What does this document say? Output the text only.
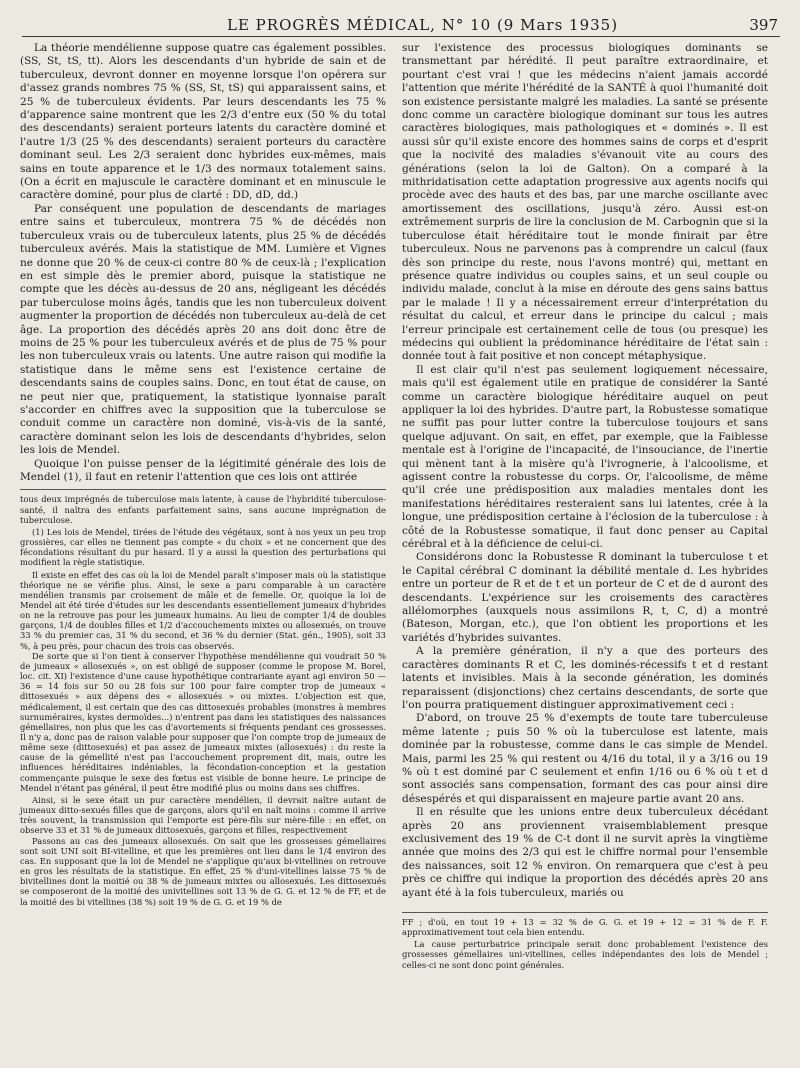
LE PROGRÈS MÉDICAL, N° 10 (9 Mars 1935)	397

La théorie mendélienne suppose quatre cas également possibles. (SS, St, tS, tt). Alors les descendants d'un hybride de sain et de tuberculeux, devront donner en moyenne lorsque l'on opérera sur d'assez grands nombres 75 % (SS, St, tS) qui apparaissent sains, et 25 % de tuberculeux évidents. Par leurs descendants les 75 % d'apparence saine montrent que les 2/3 d'entre eux (50 % du total des descendants) seraient porteurs latents du caractère dominé et l'autre 1/3 (25 % des descendants) seraient porteurs du caractère dominant seul. Les 2/3 seraient donc hybrides eux-mêmes, mais sains en toute apparence et le 1/3 des normaux totalement sains. (On a écrit en majuscule le caractère dominant et en minuscule le caractère dominé, pour plus de clarté : DD, dD, dd.)

Par conséquent une population de descendants de mariages entre sains et tuberculeux, montrera 75 % de décédés non tuberculeux vrais ou de tuberculeux latents, plus 25 % de décédés tuberculeux avérés. Mais la statistique de MM. Lumière et Vignes ne donne que 20 % de ceux-ci contre 80 % de ceux-là ; l'explication en est simple dès le premier abord, puisque la statistique ne compte que les décès au-dessus de 20 ans, négligeant les décédés par tuberculose moins âgés, tandis que les non tuberculeux doivent augmenter la proportion de décédés non tuberculeux au-delà de cet âge. La proportion des décédés après 20 ans doit donc être de moins de 25 % pour les tuberculeux avérés et de plus de 75 % pour les non tuberculeux vrais ou latents. Une autre raison qui modifie la statistique dans le même sens est l'existence certaine de descendants sains de couples sains. Donc, en tout état de cause, on ne peut nier que, pratiquement, la statistique lyonnaise paraît s'accorder en chiffres avec la supposition que la tuberculose se conduit comme un caractère non dominé, vis-à-vis de la santé, caractère dominant selon les lois de descendants d'hybrides, selon les lois de Mendel.

Quoique l'on puisse penser de la légitimité générale des lois de Mendel (1), il faut en retenir l'attention que ces lois ont attirée

tous deux imprégnés de tuberculose mais latente, à cause de l'hybridité tuberculose-santé, il naîtra des enfants parfaitement sains, sans aucune imprégnation de tuberculose.

(1) Les lois de Mendel, tirées de l'étude des végétaux, sont à nos yeux un peu trop grossières, car elles ne tiennent pas compte « du choix » et ne concernent que des fécondations résultant du pur hasard. Il y a aussi la question des perturbations qui modifient la règle statistique.

Il existe en effet des cas où la loi de Mendel paraît s'imposer mais où la statistique théorique ne se vérifie plus. Ainsi, le sexe a paru comparable à un caractère mendélien transmis par croisement de mâle et de femelle. Or, quoique la loi de Mendel ait été tirée d'études sur les descendants essentiellement jumeaux d'hybrides on ne la retrouve pas pour les jumeaux humains. Au lieu de compter 1/4 de doubles garçons, 1/4 de doubles filles et 1/2 d'accouchements mixtes ou allosexués, on trouve 33 % du premier cas, 31 % du second, et 36 % du dernier (Stat. gén., 1905), soit 33 %, à peu près, pour chacun des trois cas observés.

De sorte que si l'on tient à conserver l'hypothèse mendélienne qui voudrait 50 % de jumeaux « allosexués », on est obligé de supposer (comme le propose M. Borel, loc. cit. XI) l'existence d'une cause hypothétique contrariante ayant agi environ 50 — 36 = 14 fois sur 50 ou 28 fois sur 100 pour faire compter trop de jumeaux « dittosexués » aux dépens des « allosexués » ou mixtes. L'objection est que, médicalement, il est certain que des cas dittosexués probables (monstres à membres surnuméraires, kystes dermoïdes...) n'entrent pas dans les statistiques des naissances gémellaires, non plus que les cas d'avortements si fréquents pendant ces grossesses. Il n'y a, donc pas de raison valable pour supposer que l'on compte trop de jumeaux de même sexe (dittosexués) et pas assez de jumeaux mixtes (allosexués) : du reste la cause de la gémellité n'est pas l'accouchement proprement dit, mais, outre les influences héréditaires indéniables, la fécondation-conception et la gestation commençante puisque le sexe des fœtus est visible de bonne heure. Le principe de Mendel n'étant pas général, il peut être modifié plus ou moins dans ses chiffres.

Ainsi, si le sexe était un pur caractère mendélien, il devrait naître autant de jumeaux ditto-sexués filles que de garçons, alors qu'il en naît moins : comme il arrive très souvent, la transmission qui l'emporte est père-fils sur mère-fille : en effet, on observe 33 et 31 % de jumeaux dittosexués, garçons et filles, respectivement

Passons au cas des jumeaux allosexués. On sait que les grossesses gémellaires sont soit UNI soit BI-vitelline, et que les premières ont lieu dans le 1/4 environ des cas. En supposant que la loi de Mendel ne s'applique qu'aux bi-vitellines on retrouve en gros les résultats de la statistique. En effet, 25 % d'uni-vitellines laisse 75 % de bivitellines dont la moitié ou 38 % de jumeaux mixtes ou allosexués. Les dittosexués se composeront de la moitié des univitellines soit 13 % de G. G. et 12 % de FF, et de la moitié des bi vitellines (38 %) soit 19 % de G. G. et 19 % de

sur l'existence des processus biologiques dominants se transmettant par hérédité. Il peut paraître extraordinaire, et pourtant c'est vrai ! que les médecins n'aient jamais accordé l'attention que mérite l'hérédité de la SANTÉ à quoi l'humanité doit son existence persistante malgré les maladies. La santé se présente donc comme un caractère biologique dominant sur tous les autres caractères biologiques, mais pathologiques et « dominés ». Il est aussi sûr qu'il existe encore des hommes sains de corps et d'esprit que la nocivité des maladies s'évanouit vite au cours des générations (selon la loi de Galton). On a comparé à la mithridatisation cette adaptation progressive aux agents nocifs qui procède avec des hauts et des bas, par une marche oscillante avec amortissement des oscillations, jusqu'à zéro. Aussi est-on extrêmement surpris de lire la conclusion de M. Carbognin que si la tuberculose était héréditaire tout le monde finirait par être tuberculeux. Nous ne parvenons pas à comprendre un calcul (faux dès son principe du reste, nous l'avons montré) qui, mettant en présence quatre individus ou couples sains, et un seul couple ou individu malade, conclut à la mise en déroute des gens sains battus par le malade ! Il y a nécessairement erreur d'interprétation du résultat du calcul, et erreur dans le principe du calcul ; mais l'erreur principale est certainement celle de tous (ou presque) les médecins qui oublient la prédominance héréditaire de l'état sain : donnée tout à fait positive et non concept métaphysique.

Il est clair qu'il n'est pas seulement logiquement nécessaire, mais qu'il est également utile en pratique de considérer la Santé comme un caractère biologique héréditaire auquel on peut appliquer la loi des hybrides. D'autre part, la Robustesse somatique ne suffit pas pour lutter contre la tuberculose toujours et sans quelque adjuvant. On sait, en effet, par exemple, que la Faiblesse mentale est à l'origine de l'incapacité, de l'insouciance, de l'inertie qui mènent tant à la misère qu'à l'ivrognerie, à l'alcoolisme, et agissent contre la robustesse du corps. Or, l'alcoolisme, de même qu'il crée une prédisposition aux maladies mentales dont les manifestations héréditaires resteraient sans lui latentes, crée à la longue, une prédisposition certaine à l'éclosion de la tuberculose : à côté de la Robustesse somatique, il faut donc penser au Capital cérébral et à la déficience de celui-ci.

Considérons donc la Robustesse R dominant la tuberculose t et le Capital cérébral C dominant la débilité mentale d. Les hybrides entre un porteur de R et de t et un porteur de C et de d auront des descendants. L'expérience sur les croisements des caractères allélomorphes (auxquels nous assimilons R, t, C, d) a montré (Bateson, Morgan, etc.), que l'on obtient les proportions et les variétés d'hybrides suivantes.

A la première génération, il n'y a que des porteurs des caractères dominants R et C, les dominés-récessifs t et d restant latents et invisibles. Mais à la seconde génération, les dominés reparaissent (disjonctions) chez certains descendants, de sorte que l'on pourra pratiquement distinguer approximativement ceci :

D'abord, on trouve 25 % d'exempts de toute tare tuberculeuse même latente ; puis 50 % où la tuberculose est latente, mais dominée par la robustesse, comme dans le cas simple de Mendel. Mais, parmi les 25 % qui restent ou 4/16 du total, il y a 3/16 ou 19 % où t est dominé par C seulement et enfin 1/16 ou 6 % où t et d sont associés sans compensation, formant des cas pour ainsi dire désespérés et qui disparaissent en majeure partie avant 20 ans.

Il en résulte que les unions entre deux tuberculeux décédant après 20 ans proviennent vraisemblablement presque exclusivement des 19 % de C-t dont il ne survit après la vingtième année que moins des 2/3 qui est le chiffre normal pour l'ensemble des naissances, soit 12 % environ. On remarquera que c'est à peu près ce chiffre qui indique la proportion des décédés après 20 ans ayant été à la fois tuberculeux, mariés ou

FF ; d'où, en tout 19 + 13 = 32 % de G. G. et 19 + 12 = 31 % de F. F. approximativement tout cela bien entendu.

La cause perturbatrice principale serait donc probablement l'existence des grossesses gémellaires uni-vitellines, celles indépendantes des lois de Mendel ; celles-ci ne sont donc point générales.
